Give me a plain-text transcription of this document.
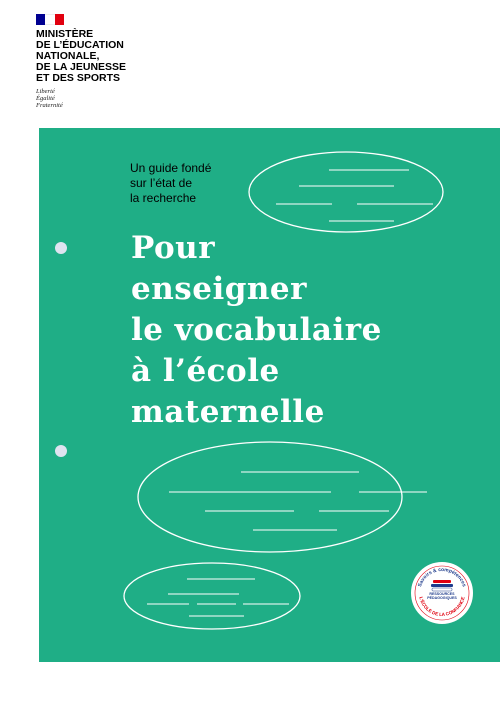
MINISTÈRE
DE L’ÉDUCATION
NATIONALE,
DE LA JEUNESSE
ET DES SPORTS
Liberté
Égalité
Fraternité
Un guide fondé
sur l’état de
la recherche
Pour
enseigner
le vocabulaire
à l’école
maternelle
Savoirs & compétences
L’ÉCOLE DE LA CONFIANCE
RESSOURCES PÉDAGOGIQUES
